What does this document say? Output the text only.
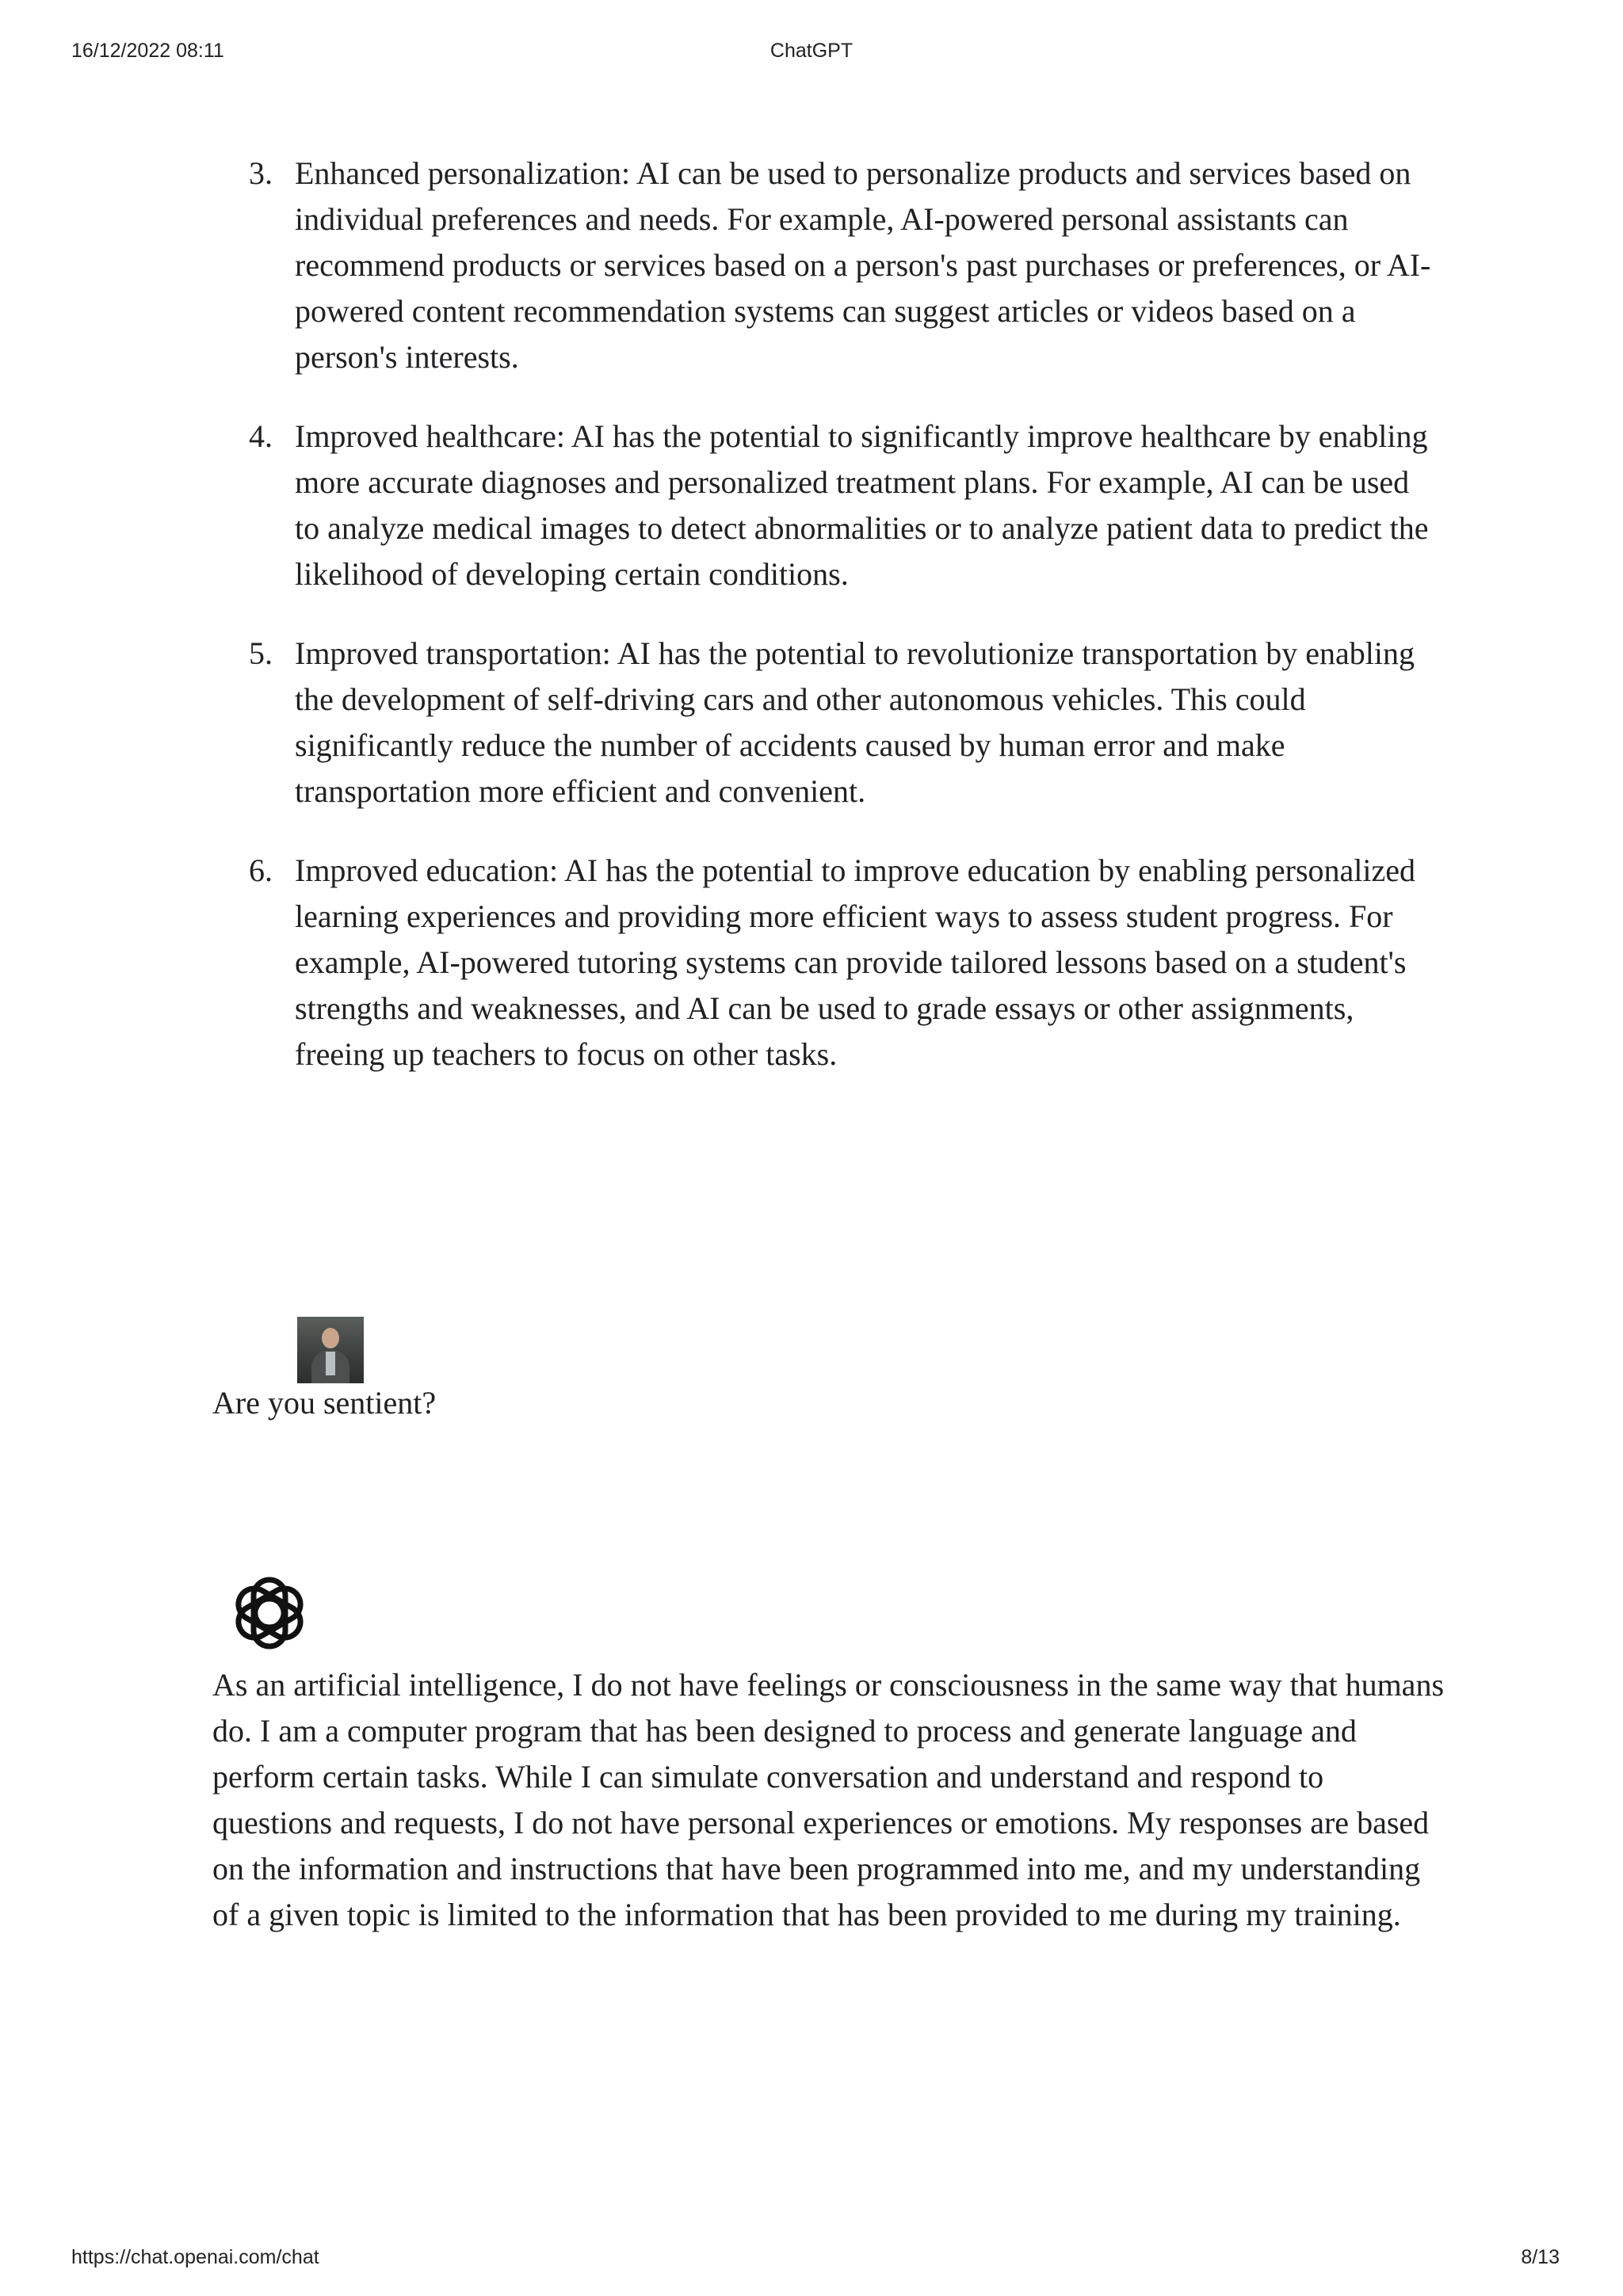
16/12/2022 08:11	ChatGPT
3. Enhanced personalization: AI can be used to personalize products and services based on individual preferences and needs. For example, AI-powered personal assistants can recommend products or services based on a person's past purchases or preferences, or AI-powered content recommendation systems can suggest articles or videos based on a person's interests.
4. Improved healthcare: AI has the potential to significantly improve healthcare by enabling more accurate diagnoses and personalized treatment plans. For example, AI can be used to analyze medical images to detect abnormalities or to analyze patient data to predict the likelihood of developing certain conditions.
5. Improved transportation: AI has the potential to revolutionize transportation by enabling the development of self-driving cars and other autonomous vehicles. This could significantly reduce the number of accidents caused by human error and make transportation more efficient and convenient.
6. Improved education: AI has the potential to improve education by enabling personalized learning experiences and providing more efficient ways to assess student progress. For example, AI-powered tutoring systems can provide tailored lessons based on a student's strengths and weaknesses, and AI can be used to grade essays or other assignments, freeing up teachers to focus on other tasks.

Are you sentient?

As an artificial intelligence, I do not have feelings or consciousness in the same way that humans do. I am a computer program that has been designed to process and generate language and perform certain tasks. While I can simulate conversation and understand and respond to questions and requests, I do not have personal experiences or emotions. My responses are based on the information and instructions that have been programmed into me, and my understanding of a given topic is limited to the information that has been provided to me during my training.

https://chat.openai.com/chat	8/13
